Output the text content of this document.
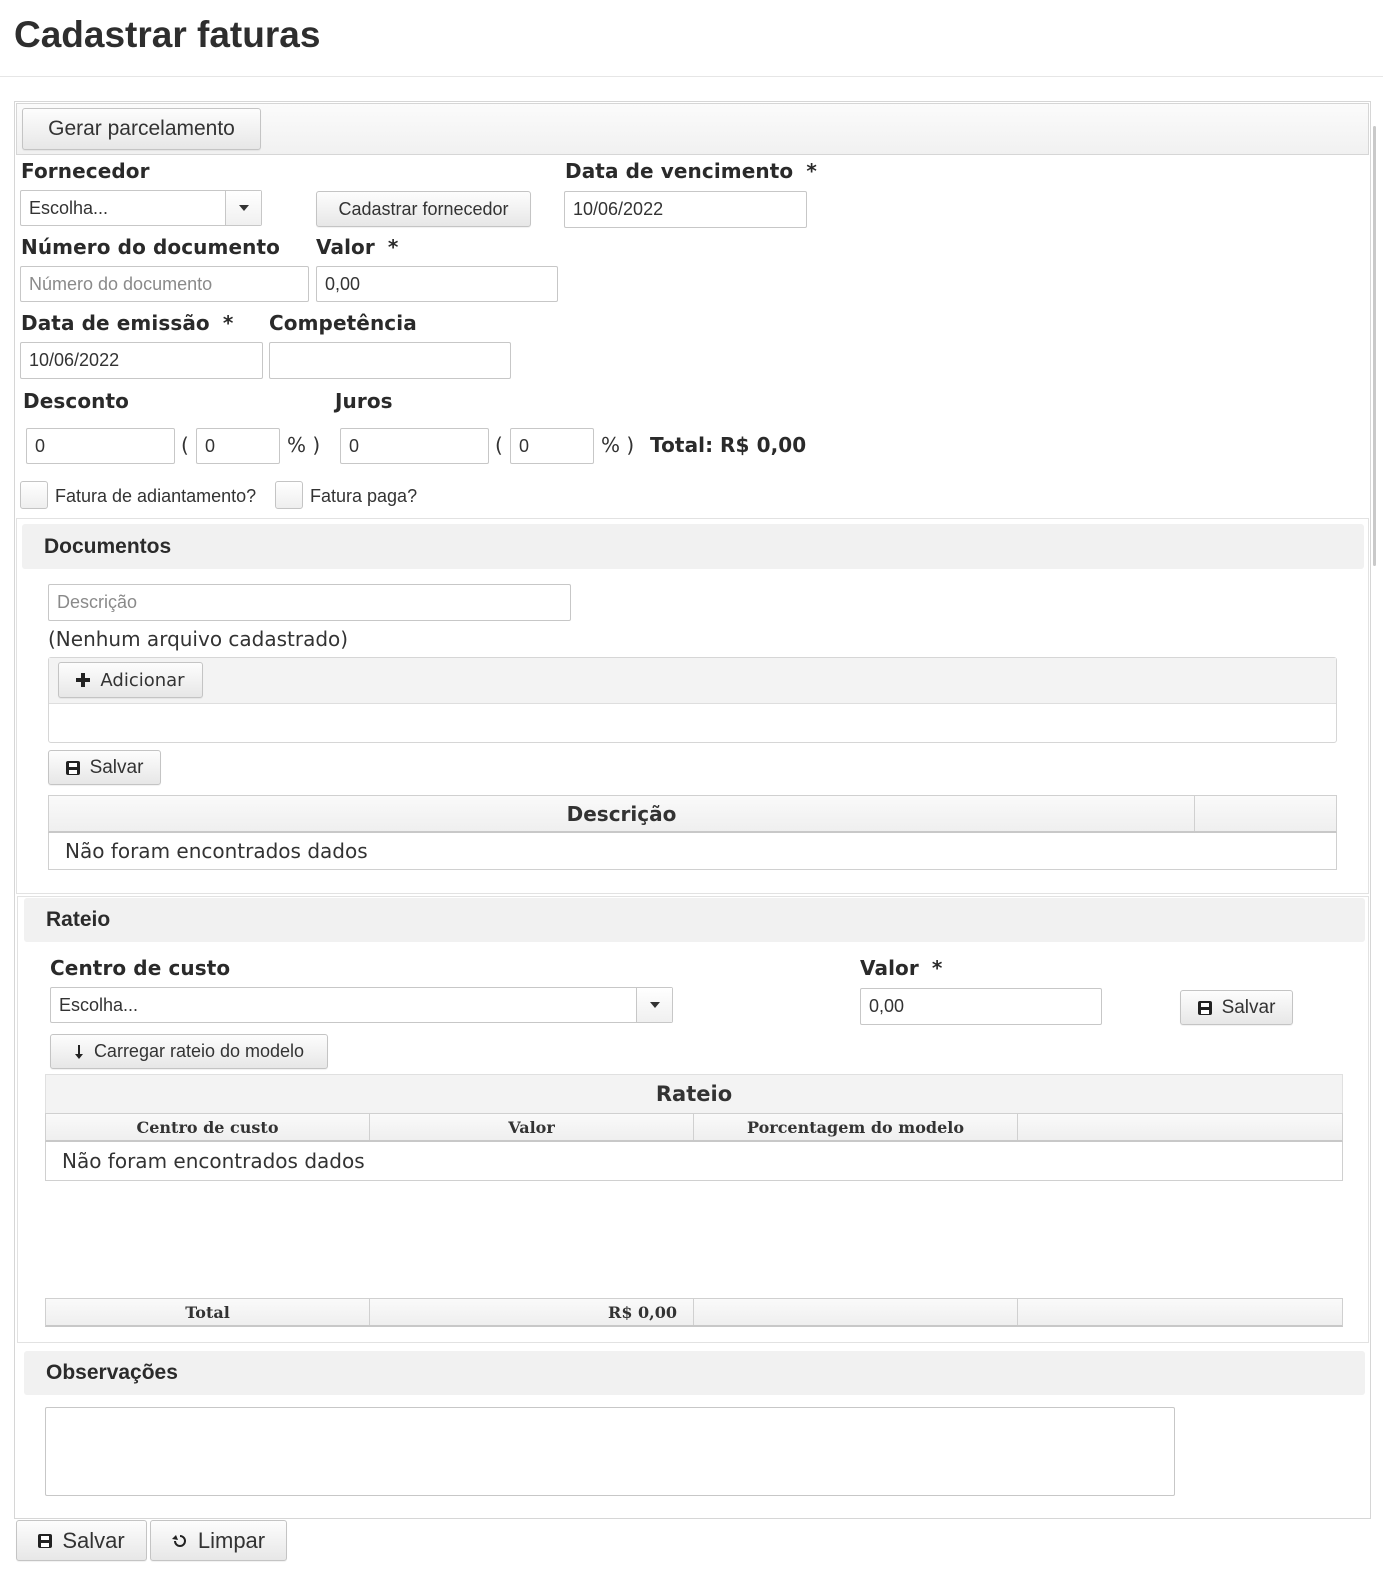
Cadastrar faturas
Gerar parcelamento
Fornecedor
Escolha...	Cadastrar fornecedor
Data de vencimento *
10/06/2022
Número do documento
Número do documento
Valor *
0,00
Data de emissão *
10/06/2022
Competência
Desconto	Juros
0	( 0	% )	0	( 0	% ) Total: R$ 0,00
Fatura de adiantamento?	Fatura paga?
Documentos
Descrição
(Nenhum arquivo cadastrado)
Adicionar
Salvar
Descrição
Não foram encontrados dados
Rateio
Centro de custo
Escolha...
Valor *
0,00	Salvar
Carregar rateio do modelo
Rateio
Centro de custo	Valor	Porcentagem do modelo
Não foram encontrados dados
Total	R$ 0,00
Observações
Salvar	Limpar
